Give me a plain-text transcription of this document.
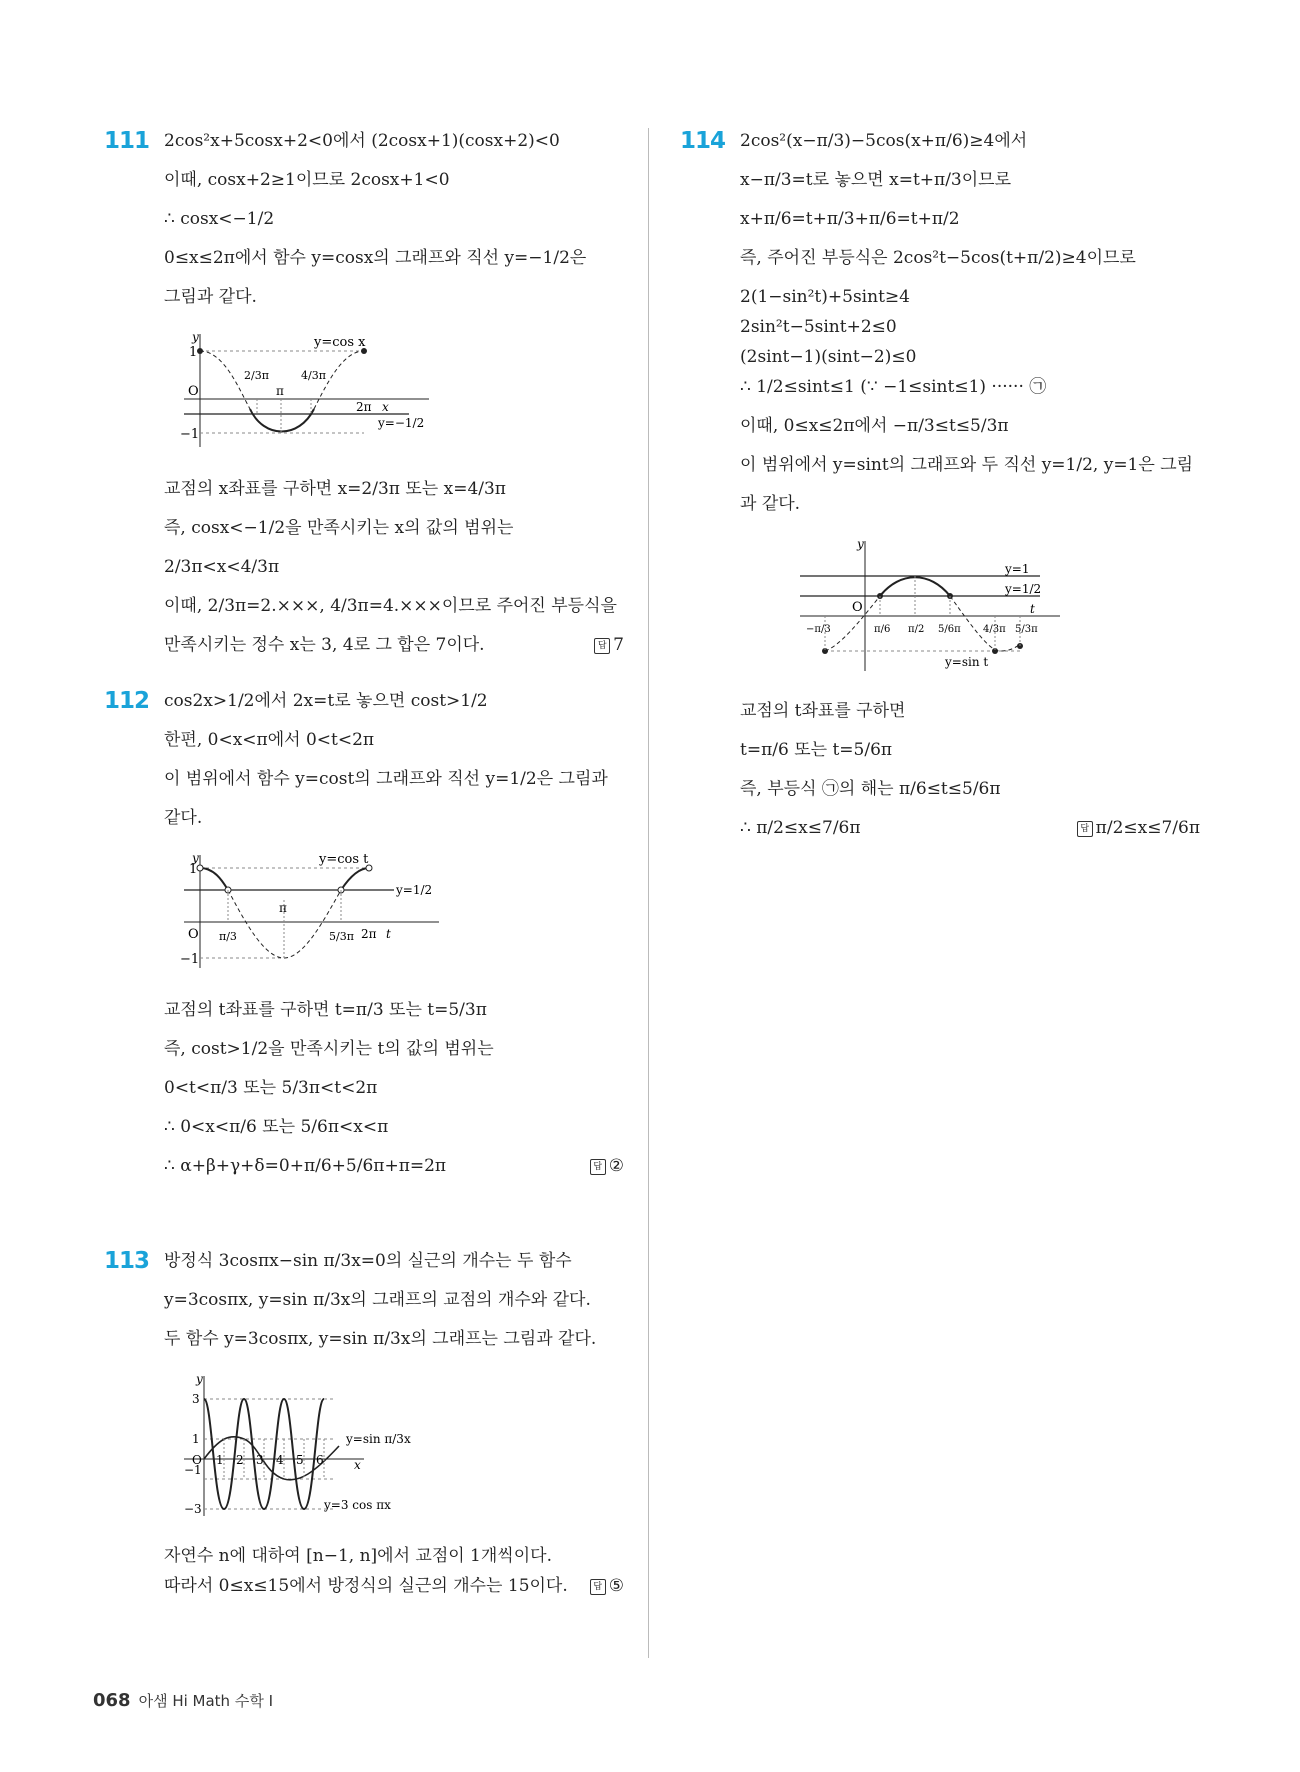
111 2cos²x+5cosx+2<0에서 (2cosx+1)(cosx+2)<0
이때, cosx+2≥1이므로 2cosx+1<0
∴ cosx<−1/2
0≤x≤2π에서 함수 y=cosx의 그래프와 직선 y=−1/2은
그림과 같다.
y
1
−1
O
y=cos x
2/3π
π
4/3π
2π x
y=−1/2
교점의 x좌표를 구하면 x=2/3π 또는 x=4/3π
즉, cosx<−1/2을 만족시키는 x의 값의 범위는
2/3π<x<4/3π
이때, 2/3π=2.×××, 4/3π=4.×××이므로 주어진 부등식을
만족시키는 정수 x는 3, 4로 그 합은 7이다.	답 7
112 cos2x>1/2에서 2x=t로 놓으면 cost>1/2
한편, 0<x<π에서 0<t<2π
이 범위에서 함수 y=cost의 그래프와 직선 y=1/2은 그림과
같다.
y
1
−1
O
y=cos t
π/3
π
5/3π 2π t
y=1/2
교점의 t좌표를 구하면 t=π/3 또는 t=5/3π
즉, cost>1/2을 만족시키는 t의 값의 범위는
0<t<π/3 또는 5/3π<t<2π
∴ 0<x<π/6 또는 5/6π<x<π
∴ α+β+γ+δ=0+π/6+5/6π+π=2π	답 ②
113 방정식 3cosπx−sin π/3x=0의 실근의 개수는 두 함수
y=3cosπx, y=sin π/3x의 그래프의 교점의 개수와 같다.
두 함수 y=3cosπx, y=sin π/3x의 그래프는 그림과 같다.
y
3
1
−1
−3
O 1 2 3 4 5 6	x
y=sin π/3x
y=3 cos πx
자연수 n에 대하여 [n−1, n]에서 교점이 1개씩이다.
따라서 0≤x≤15에서 방정식의 실근의 개수는 15이다.	답 ⑤
114 2cos²(x−π/3)−5cos(x+π/6)≥4에서
x−π/3=t로 놓으면 x=t+π/3이므로
x+π/6=t+π/3+π/6=t+π/2
즉, 주어진 부등식은 2cos²t−5cos(t+π/2)≥4이므로
2(1−sin²t)+5sint≥4
2sin²t−5sint+2≤0
(2sint−1)(sint−2)≤0
∴ 1/2≤sint≤1 (∵ −1≤sint≤1) ······ ㉠
이때, 0≤x≤2π에서 −π/3≤t≤5/3π
이 범위에서 y=sint의 그래프와 두 직선 y=1/2, y=1은 그림
과 같다.
y
O	t
y=1
y=1/2
y=sin t
−π/3	π/6 π/2 5/6π 4/3π 5/3π
교점의 t좌표를 구하면
t=π/6 또는 t=5/6π
즉, 부등식 ㉠의 해는 π/6≤t≤5/6π
∴ π/2≤x≤7/6π	답 π/2≤x≤7/6π
068 아샘 Hi Math 수학 I
